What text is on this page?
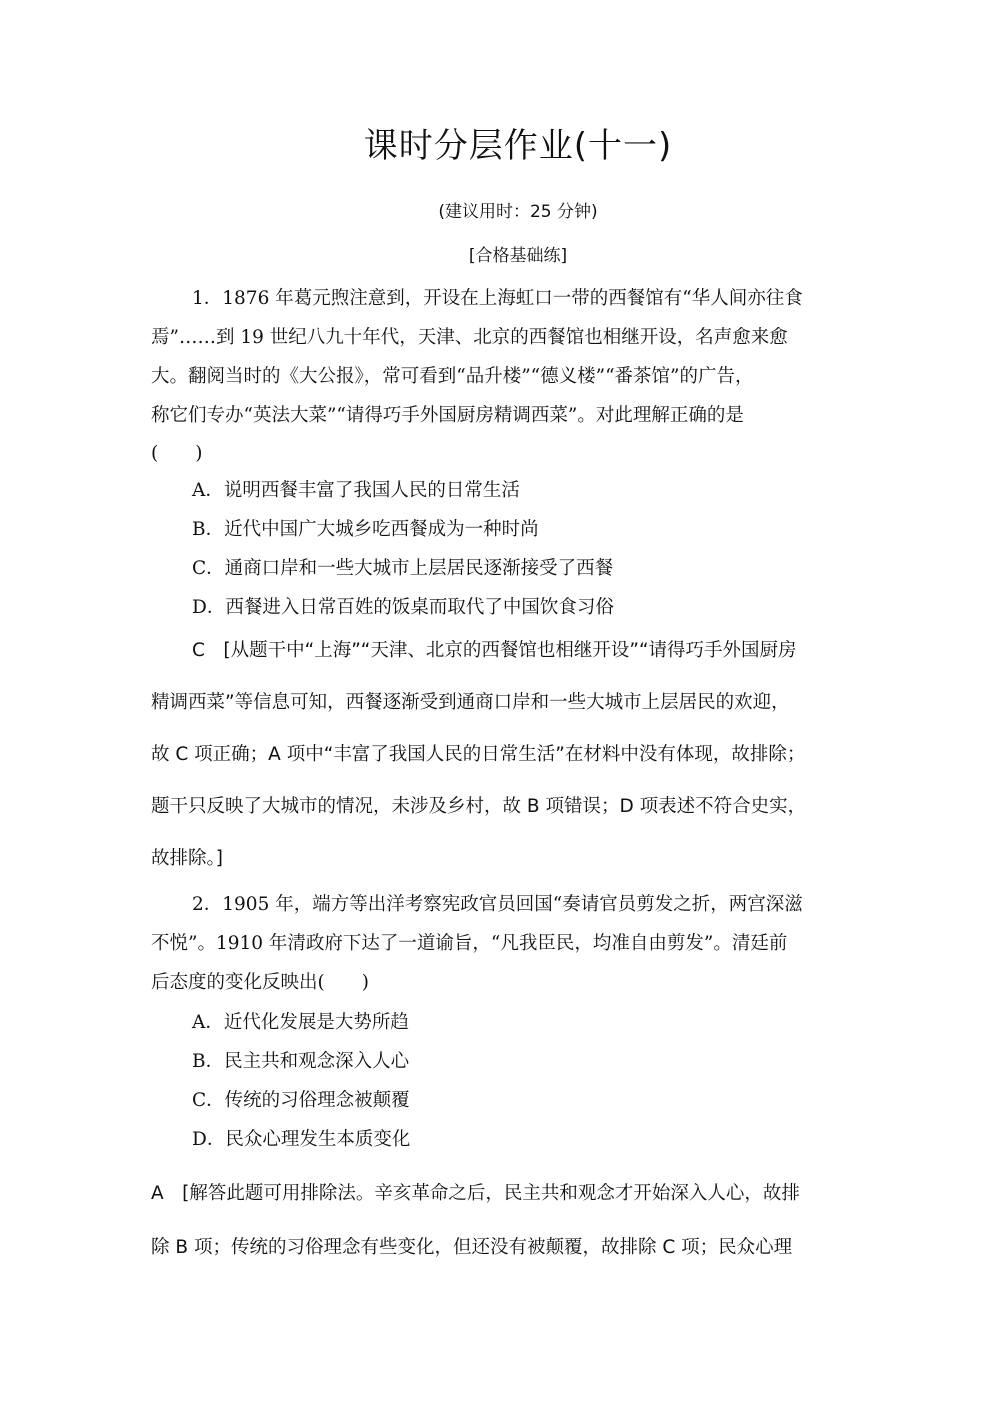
课时分层作业(十一)
(建议用时：25 分钟)
[合格基础练]
1．1876 年葛元煦注意到，开设在上海虹口一带的西餐馆有“华人间亦往食
焉”……到 19 世纪八九十年代，天津、北京的西餐馆也相继开设，名声愈来愈
大。翻阅当时的《大公报》，常可看到“品升楼”“德义楼”“番茶馆”的广告，
称它们专办“英法大菜”“请得巧手外国厨房精调西菜”。对此理解正确的是
(　　)
A．说明西餐丰富了我国人民的日常生活
B．近代中国广大城乡吃西餐成为一种时尚
C．通商口岸和一些大城市上层居民逐渐接受了西餐
D．西餐进入日常百姓的饭桌而取代了中国饮食习俗
C　[从题干中“上海”“天津、北京的西餐馆也相继开设”“请得巧手外国厨房
精调西菜”等信息可知，西餐逐渐受到通商口岸和一些大城市上层居民的欢迎，
故 C 项正确；A 项中“丰富了我国人民的日常生活”在材料中没有体现，故排除；
题干只反映了大城市的情况，未涉及乡村，故 B 项错误；D 项表述不符合史实，
故排除。]
2．1905 年，端方等出洋考察宪政官员回国“奏请官员剪发之折，两宫深滋
不悦”。1910 年清政府下达了一道谕旨，“凡我臣民，均准自由剪发”。清廷前
后态度的变化反映出(　　)
A．近代化发展是大势所趋
B．民主共和观念深入人心
C．传统的习俗理念被颠覆
D．民众心理发生本质变化
A　[解答此题可用排除法。辛亥革命之后，民主共和观念才开始深入人心，故排
除 B 项；传统的习俗理念有些变化，但还没有被颠覆，故排除 C 项；民众心理
